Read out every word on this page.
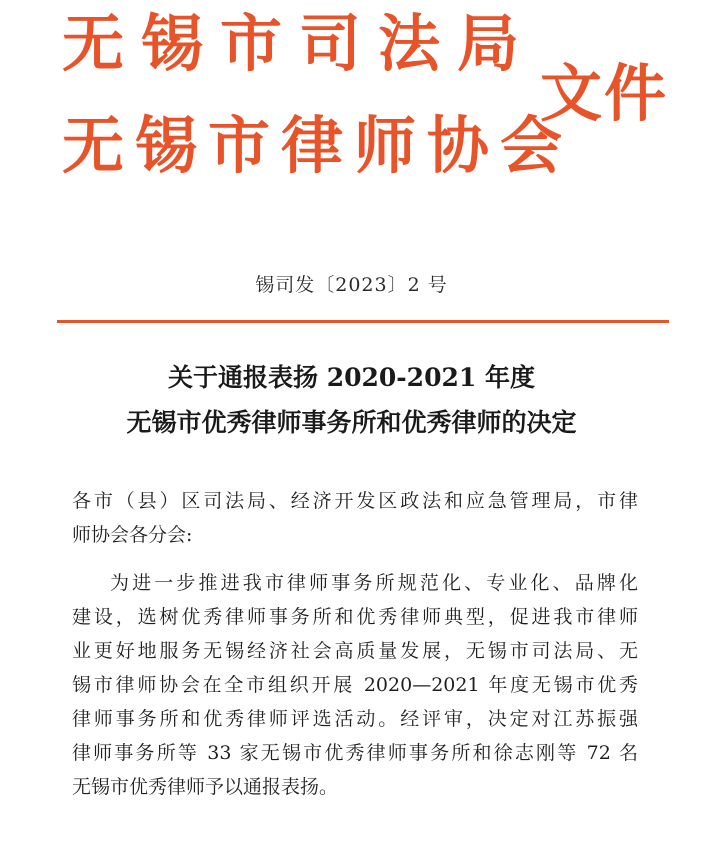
无锡市司法局
无锡市律师协会
文件
锡司发〔2023〕2 号
关于通报表扬 2020-2021 年度
无锡市优秀律师事务所和优秀律师的决定
各市（县）区司法局、经济开发区政法和应急管理局，市律
师协会各分会:
为进一步推进我市律师事务所规范化、专业化、品牌化
建设，选树优秀律师事务所和优秀律师典型，促进我市律师
业更好地服务无锡经济社会高质量发展，无锡市司法局、无
锡市律师协会在全市组织开展 2020—2021 年度无锡市优秀
律师事务所和优秀律师评选活动。经评审，决定对江苏振强
律师事务所等 33 家无锡市优秀律师事务所和徐志刚等 72 名
无锡市优秀律师予以通报表扬。
